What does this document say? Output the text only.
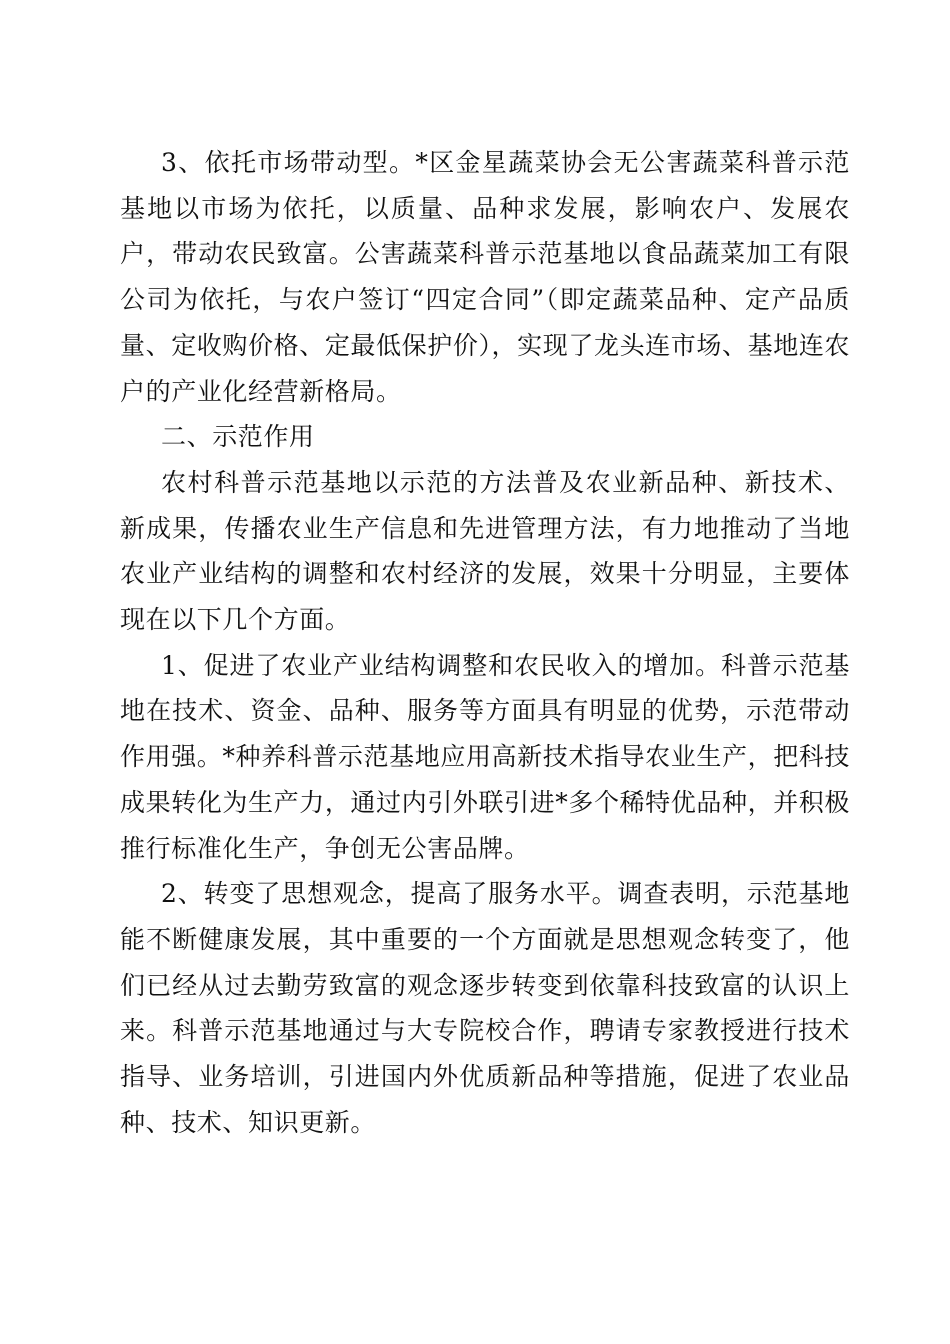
3、依托市场带动型。*区金星蔬菜协会无公害蔬菜科普示范基地以市场为依托，以质量、品种求发展，影响农户、发展农户，带动农民致富。公害蔬菜科普示范基地以食品蔬菜加工有限公司为依托，与农户签订“四定合同”（即定蔬菜品种、定产品质量、定收购价格、定最低保护价），实现了龙头连市场、基地连农户的产业化经营新格局。

二、示范作用

农村科普示范基地以示范的方法普及农业新品种、新技术、新成果，传播农业生产信息和先进管理方法，有力地推动了当地农业产业结构的调整和农村经济的发展，效果十分明显，主要体现在以下几个方面。

1、促进了农业产业结构调整和农民收入的增加。科普示范基地在技术、资金、品种、服务等方面具有明显的优势，示范带动作用强。*种养科普示范基地应用高新技术指导农业生产，把科技成果转化为生产力，通过内引外联引进*多个稀特优品种，并积极推行标准化生产，争创无公害品牌。

2、转变了思想观念，提高了服务水平。调查表明，示范基地能不断健康发展，其中重要的一个方面就是思想观念转变了，他们已经从过去勤劳致富的观念逐步转变到依靠科技致富的认识上来。科普示范基地通过与大专院校合作，聘请专家教授进行技术指导、业务培训，引进国内外优质新品种等措施，促进了农业品种、技术、知识更新。
